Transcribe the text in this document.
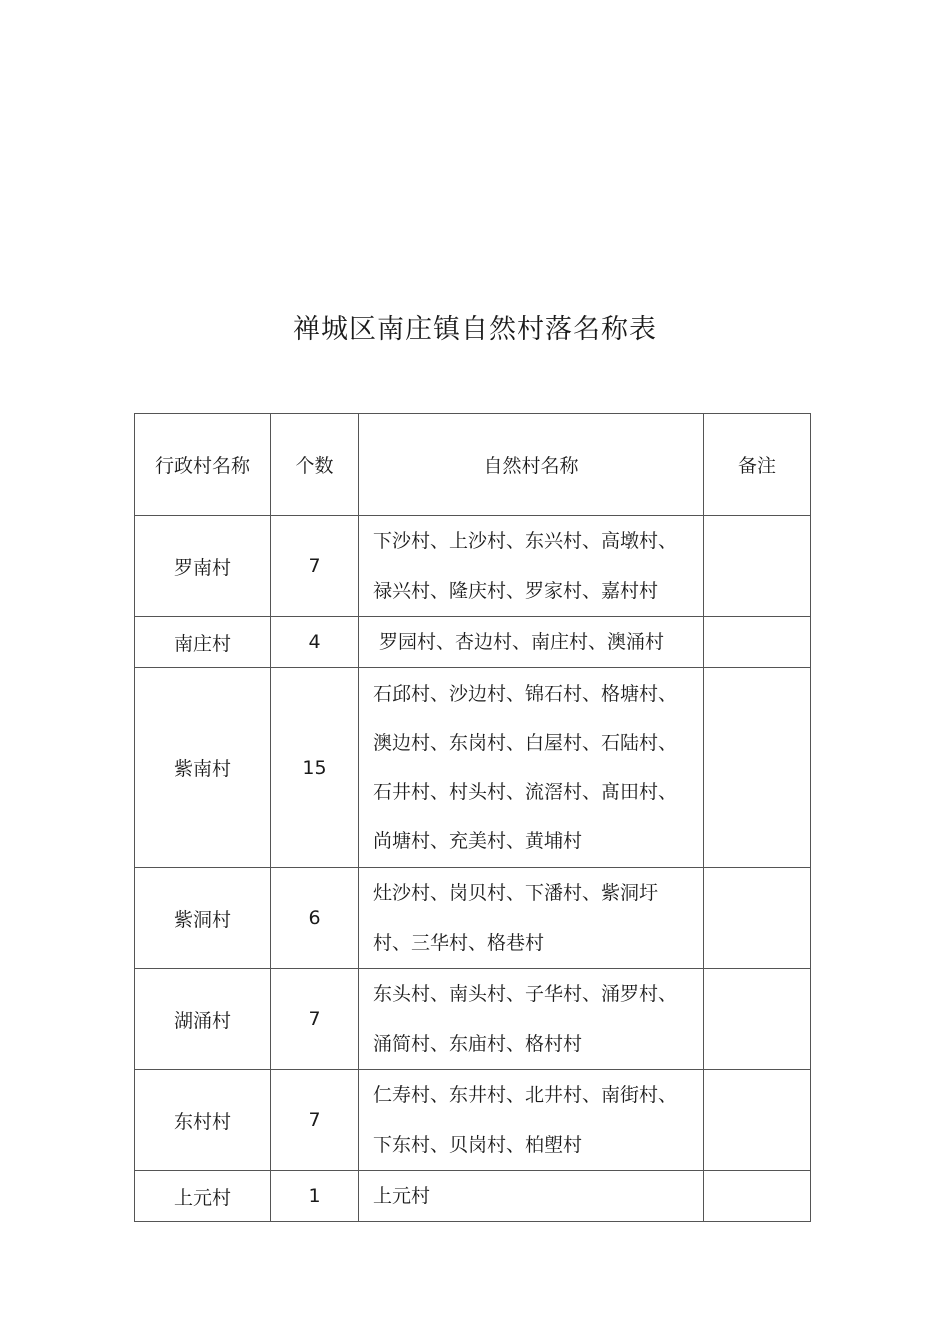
禅城区南庄镇自然村落名称表
行政村名称	个数	自然村名称	备注
罗南村	7	下沙村、上沙村、东兴村、高墩村、
禄兴村、隆庆村、罗家村、嘉村村	

南庄村	4	罗园村、杏边村、南庄村、澳涌村	

紫南村	15	石邱村、沙边村、锦石村、格塘村、
澳边村、东岗村、白屋村、石陆村、
石井村、村头村、流滘村、髙田村、
尚塘村、充美村、黄埔村	

紫洞村	6	灶沙村、岗贝村、下潘村、紫洞圩
村、三华村、格巷村	

湖涌村	7	东头村、南头村、子华村、涌罗村、
涌简村、东庙村、格村村	

东村村	7	仁寿村、东井村、北井村、南街村、
下东村、贝岗村、柏塱村	

上元村	1	上元村	
